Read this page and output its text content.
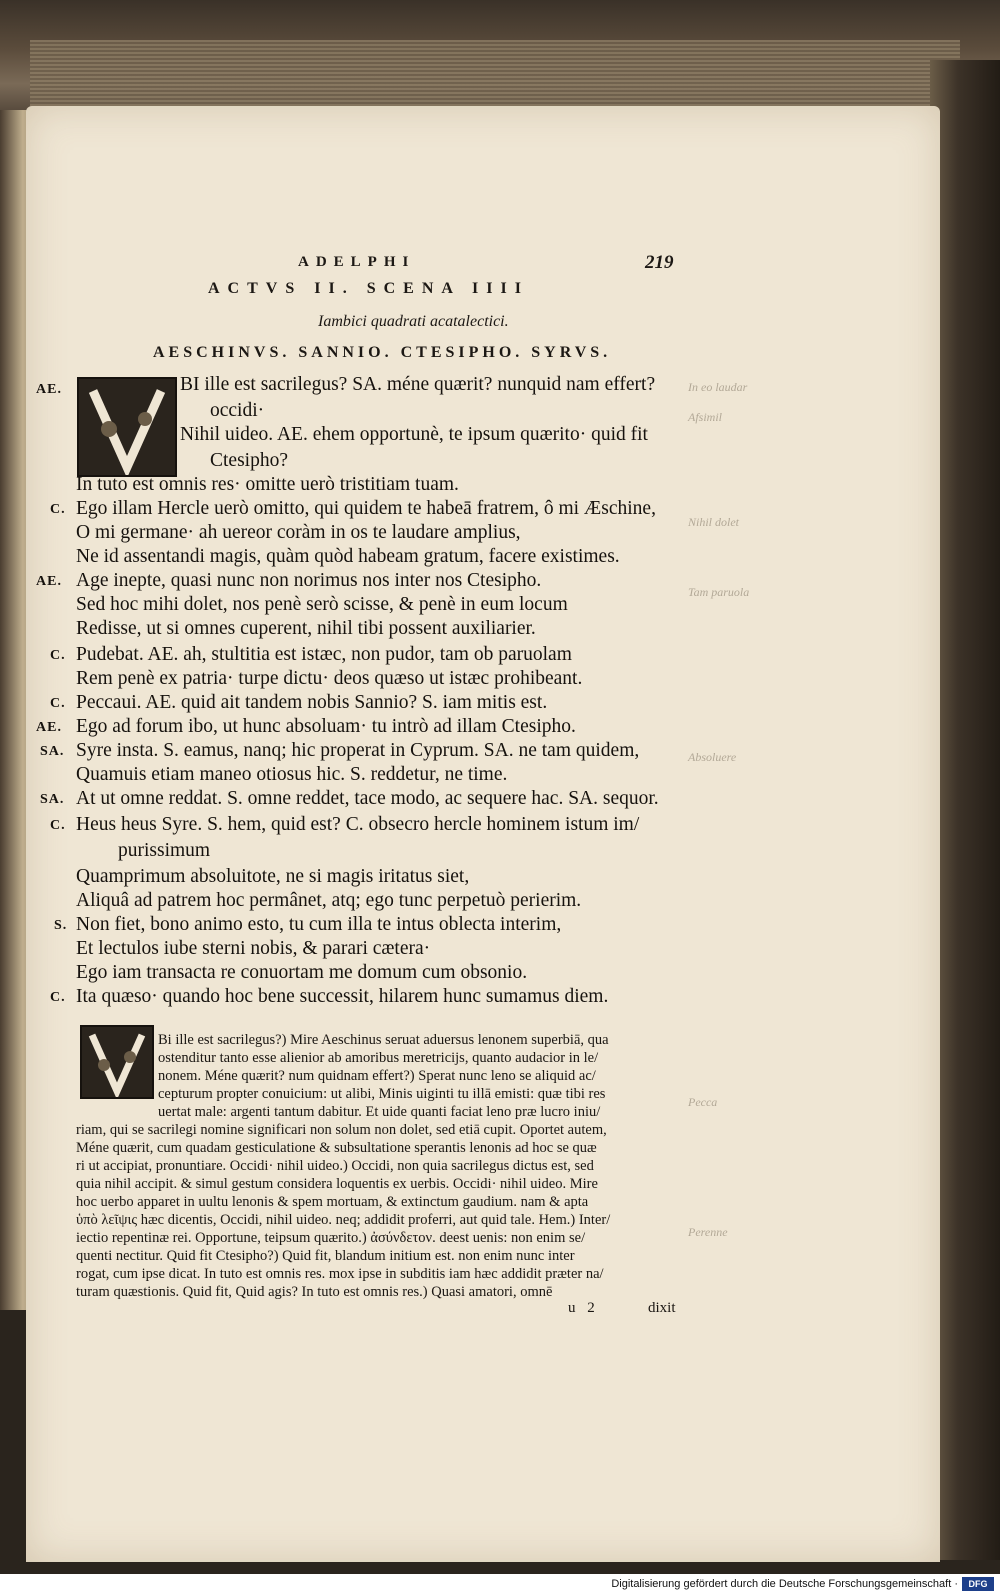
ADELPHI	219
ACTVS II. SCENA IIII
Iambici quadrati acatalectici.
AESCHINVS. SANNIO. CTESIPHO. SYRVS.
AE.	BI ille est sacrilegus? SA. méne quærit? nunquid nam effert?
occidi·
Nihil uideo. AE. ehem opportunè, te ipsum quærito· quid fit
Ctesipho?
In tuto est omnis res· omitte uerò tristitiam tuam.
C. Ego illam Hercle uerò omitto, qui quidem te habeā fratrem, ô mi Æschine,
O mi germane· ah uereor coràm in os te laudare amplius,
Ne id assentandi magis, quàm quòd habeam gratum, facere existimes.
AE. Age inepte, quasi nunc non norimus nos inter nos Ctesipho.
Sed hoc mihi dolet, nos penè serò scisse, & penè in eum locum
Redisse, ut si omnes cuperent, nihil tibi possent auxiliarier.
C. Pudebat. AE. ah, stultitia est istæc, non pudor, tam ob paruolam
Rem penè ex patria· turpe dictu· deos quæso ut istæc prohibeant.
C. Peccaui. AE. quid ait tandem nobis Sannio? S. iam mitis est.
AE. Ego ad forum ibo, ut hunc absoluam· tu intrò ad illam Ctesipho.
SA. Syre insta. S. eamus, nanq; hic properat in Cyprum. SA. ne tam quidem,
Quamuis etiam maneo otiosus hic. S. reddetur, ne time.
SA. At ut omne reddat. S. omne reddet, tace modo, ac sequere hac. SA. sequor.
C. Heus heus Syre. S. hem, quid est? C. obsecro hercle hominem istum im/
purissimum
Quamprimum absoluitote, ne si magis iritatus siet,
Aliquâ ad patrem hoc permânet, atq; ego tunc perpetuò perierim.
S. Non fiet, bono animo esto, tu cum illa te intus oblecta interim,
Et lectulos iube sterni nobis, & parari cætera·
Ego iam transacta re conuortam me domum cum obsonio.
C. Ita quæso· quando hoc bene successit, hilarem hunc sumamus diem.
Bi ille est sacrilegus?) Mire Aeschinus seruat aduersus lenonem superbiā, qua
ostenditur tanto esse alienior ab amoribus meretricijs, quanto audacior in le/
nonem. Méne quærit? num quidnam effert?) Sperat nunc leno se aliquid ac/
cepturum propter conuicium: ut alibi, Minis uiginti tu illā emisti: quæ tibi res
uertat male: argenti tantum dabitur. Et uide quanti faciat leno præ lucro iniu/
riam, qui se sacrilegi nomine significari non solum non dolet, sed etiā cupit. Oportet autem,
Méne quærit, cum quadam gesticulatione & subsultatione sperantis lenonis ad hoc se quæ
ri ut accipiat, pronuntiare. Occidi· nihil uideo.) Occidi, non quia sacrilegus dictus est, sed
quia nihil accipit. & simul gestum considera loquentis ex uerbis. Occidi· nihil uideo. Mire
hoc uerbo apparet in uultu lenonis & spem mortuam, & extinctum gaudium. nam & apta
ὑπὸ λεῖψις hæc dicentis, Occidi, nihil uideo. neq; addidit proferri, aut quid tale. Hem.) Inter/
iectio repentinæ rei. Opportune, teipsum quærito.) ἀσύνδετον. deest uenis: non enim se/
quenti nectitur. Quid fit Ctesipho?) Quid fit, blandum initium est. non enim nunc inter
rogat, cum ipse dicat. In tuto est omnis res. mox ipse in subditis iam hæc addidit præter na/
turam quæstionis. Quid fit, Quid agis? In tuto est omnis res.) Quasi amatori, omnē
u 2	dixit
In eo laudar
Afsimil
Nihil dolet
Tam paruola
Absoluere
Pecca
Perenne
Digitalisierung gefördert durch die Deutsche Forschungsgemeinschaft ·	DFG
